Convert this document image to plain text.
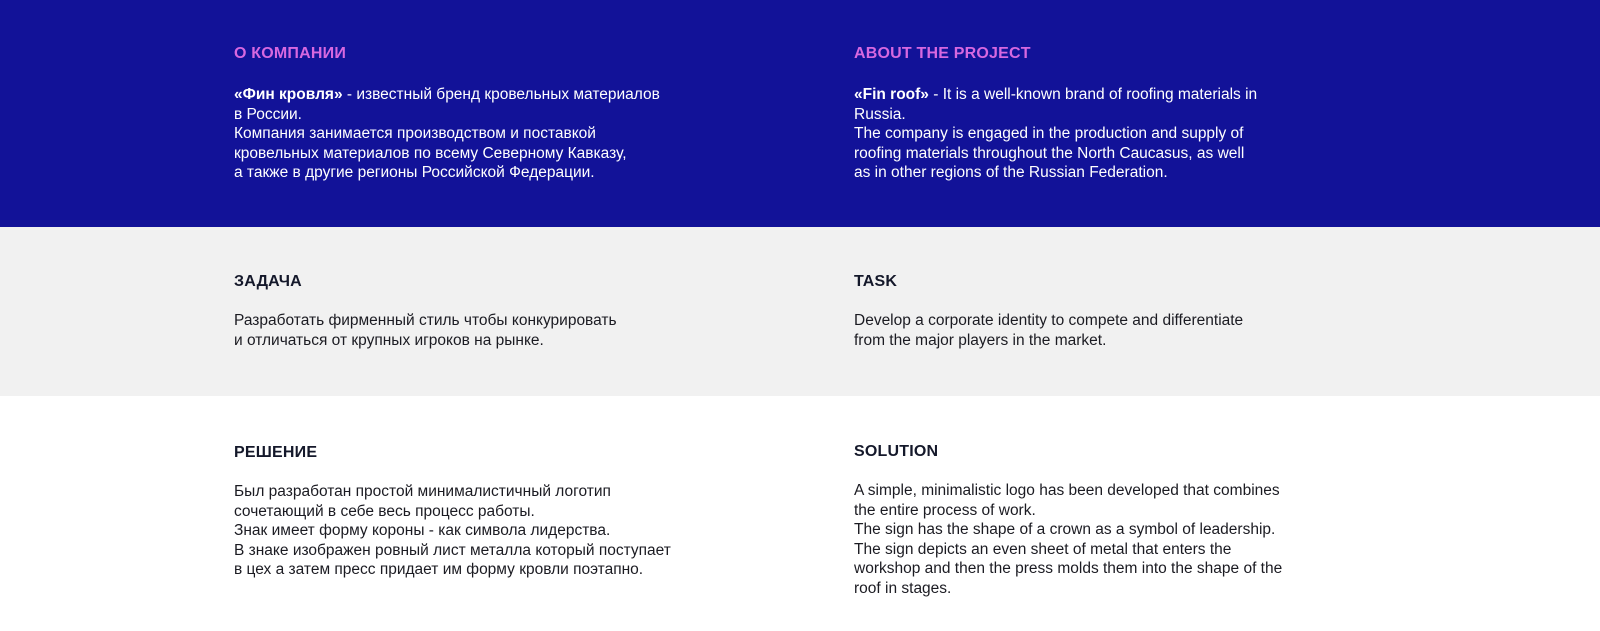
О КОМПАНИИ
«Фин кровля» - известный бренд кровельных материалов
в России.
Компания занимается производством и поставкой
кровельных материалов по всему Северному Кавказу,
а также в другие регионы Российской Федерации.
ABOUT THE PROJECT
«Fin roof» - It is a well-known brand of roofing materials in
Russia.
The company is engaged in the production and supply of
roofing materials throughout the North Caucasus, as well
as in other regions of the Russian Federation.
ЗАДАЧА
Разработать фирменный стиль чтобы конкурировать
и отличаться от крупных игроков на рынке.
TASK
Develop a corporate identity to compete and differentiate
from the major players in the market.
РЕШЕНИЕ
Был разработан простой минималистичный логотип
сочетающий в себе весь процесс работы.
Знак имеет форму короны - как символа лидерства.
В знаке изображен ровный лист металла который поступает
в цех а затем пресс придает им форму кровли поэтапно.
SOLUTION
A simple, minimalistic logo has been developed that combines
the entire process of work.
The sign has the shape of a crown as a symbol of leadership.
The sign depicts an even sheet of metal that enters the
workshop and then the press molds them into the shape of the
roof in stages.
